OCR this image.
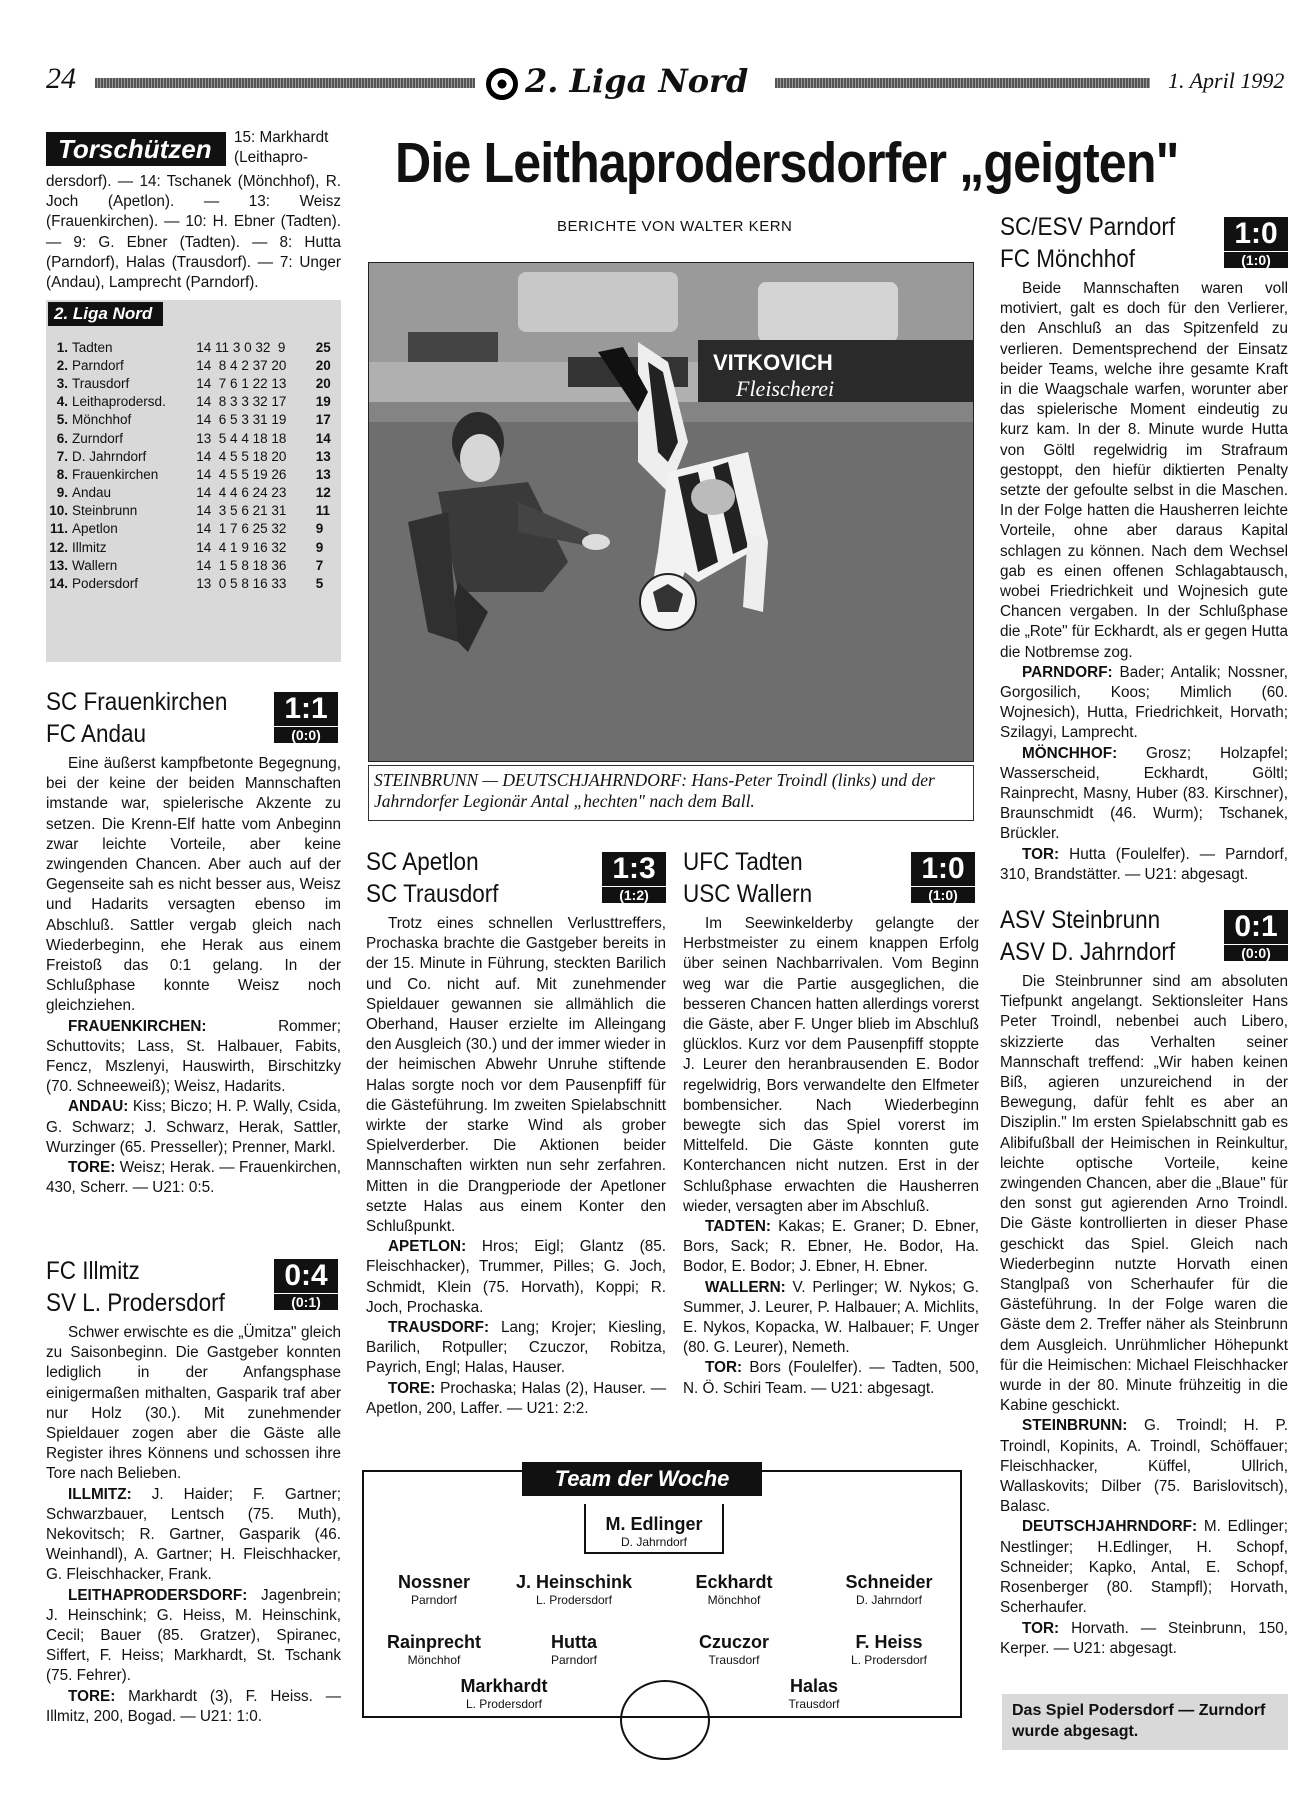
24	2. Liga Nord	1. April 1992
Die Leithaprodersdorfer „geigten"
BERICHTE VON WALTER KERN
Torschützen	15: Markhardt (Leithapro-
dersdorf). — 14: Tschanek (Mönchhof), R. Joch (Apetlon). — 13: Weisz (Frauenkirchen). — 10: H. Ebner (Tadten). — 9: G. Ebner (Tadten). — 8: Hutta (Parndorf), Halas (Trausdorf). — 7: Unger (Andau), Lamprecht (Parndorf).
2. Liga Nord
1.	Tadten	14 11 3 0 32  9	25
2.	Parndorf	14  8 4 2 37 20	20
3.	Trausdorf	14  7 6 1 22 13	20
4.	Leithaprodersd.	14  8 3 3 32 17	19
5.	Mönchhof	14  6 5 3 31 19	17
6.	Zurndorf	13  5 4 4 18 18	14
7.	D. Jahrndorf	14  4 5 5 18 20	13
8.	Frauenkirchen	14  4 5 5 19 26	13
9.	Andau	14  4 4 6 24 23	12
10.	Steinbrunn	14  3 5 6 21 31	11
11.	Apetlon	14  1 7 6 25 32	9
12.	Illmitz	14  4 1 9 16 32	9
13.	Wallern	14  1 5 8 18 36	7
14.	Podersdorf	13  0 5 8 16 33	5
SC Frauenkirchen
FC Andau
1:1
(0:0)

Eine äußerst kampfbetonte Begegnung, bei der keine der beiden Mannschaften imstande war, spielerische Akzente zu setzen. Die Krenn-Elf hatte vom Anbeginn zwar leichte Vorteile, aber keine zwingenden Chancen. Aber auch auf der Gegenseite sah es nicht besser aus, Weisz und Hadarits versagten ebenso im Abschluß. Sattler vergab gleich nach Wiederbeginn, ehe Herak aus einem Freistoß das 0:1 gelang. In der Schlußphase konnte Weisz noch gleichziehen.

FRAUENKIRCHEN:	Rommer; Schuttovits; Lass, St. Halbauer, Fabits, Fencz, Mszlenyi, Hauswirth, Birschitzky (70. Schneeweiß); Weisz, Hadarits.

ANDAU: Kiss; Biczo; H. P. Wally, Csida, G. Schwarz; J. Schwarz, Herak, Sattler, Wurzinger (65. Presseller); Prenner, Markl.

TORE: Weisz; Herak. — Frauenkirchen, 430, Scherr. — U21: 0:5.

FC Illmitz
SV L. Prodersdorf
0:4
(0:1)

Schwer erwischte es die „Ümitza" gleich zu Saisonbeginn. Die Gastgeber konnten lediglich in der Anfangsphase einigermaßen mithalten, Gasparik traf aber nur Holz (30.). Mit zunehmender Spieldauer zogen aber die Gäste alle Register ihres Könnens und schossen ihre Tore nach Belieben.

ILLMITZ: J. Haider; F. Gartner; Schwarzbauer, Lentsch (75. Muth), Nekovitsch; R. Gartner, Gasparik (46. Weinhandl), A. Gartner; H. Fleischhacker, G. Fleischhacker, Frank.

LEITHAPRODERSDORF: Jagenbrein; J. Heinschink; G. Heiss, M. Heinschink, Cecil; Bauer (85. Gratzer), Spiranec, Siffert, F. Heiss; Markhardt, St. Tschank (75. Fehrer).

TORE: Markhardt (3), F. Heiss. — Illmitz, 200, Bogad. — U21: 1:0.

VITKOVICH
Fleischerei
STEINBRUNN — DEUTSCHJAHRNDORF: Hans-Peter Troindl (links) und der Jahrndorfer Legionär Antal „hechten" nach dem Ball.
SC Apetlon
SC Trausdorf
1:3
(1:2)

Trotz eines schnellen Verlusttreffers, Prochaska brachte die Gastgeber bereits in der 15. Minute in Führung, steckten Barilich und Co. nicht auf. Mit zunehmender Spieldauer gewannen sie allmählich die Oberhand, Hauser erzielte im Alleingang den Ausgleich (30.) und der immer wieder in der heimischen Abwehr Unruhe stiftende Halas sorgte noch vor dem Pausenpfiff für die Gästeführung. Im zweiten Spielabschnitt wirkte der starke Wind als grober Spielverderber. Die Aktionen beider Mannschaften wirkten nun sehr zerfahren. Mitten in die Drangperiode der Apetloner setzte Halas aus einem Konter den Schlußpunkt.

APETLON: Hros; Eigl; Glantz (85. Fleischhacker), Trummer, Pilles; G. Joch, Schmidt, Klein (75. Horvath), Koppi; R. Joch, Prochaska.

TRAUSDORF: Lang; Krojer; Kiesling, Barilich, Rotpuller; Czuczor, Robitza, Payrich, Engl; Halas, Hauser.

TORE: Prochaska; Halas (2), Hauser. — Apetlon, 200, Laffer. — U21: 2:2.

UFC Tadten
USC Wallern
1:0
(1:0)

Im Seewinkelderby gelangte der Herbstmeister zu einem knappen Erfolg über seinen Nachbarrivalen. Vom Beginn weg war die Partie ausgeglichen, die besseren Chancen hatten allerdings vorerst die Gäste, aber F. Unger blieb im Abschluß glücklos. Kurz vor dem Pausenpfiff stoppte J. Leurer den heranbrausenden E. Bodor regelwidrig, Bors verwandelte den Elfmeter bombensicher. Nach Wiederbeginn bewegte sich das Spiel vorerst im Mittelfeld. Die Gäste konnten gute Konterchancen nicht nutzen. Erst in der Schlußphase erwachten die Hausherren wieder, versagten aber im Abschluß.

TADTEN: Kakas; E. Graner; D. Ebner, Bors, Sack; R. Ebner, He. Bodor, Ha. Bodor, E. Bodor; J. Ebner, H. Ebner.

WALLERN: V. Perlinger; W. Nykos; G. Summer, J. Leurer, P. Halbauer; A. Michlits, E. Nykos, Kopacka, W. Halbauer; F. Unger (80. G. Leurer), Nemeth.

TOR: Bors (Foulelfer). — Tadten, 500, N. Ö. Schiri Team. — U21: abgesagt.

Team der Woche
M. Edlinger
D. Jahrndorf
Nossner
Parndorf
J. Heinschink
L. Prodersdorf
Eckhardt
Mönchhof
Schneider
D. Jahrndorf
Rainprecht
Mönchhof
Hutta
Parndorf
Czuczor
Trausdorf
F. Heiss
L. Prodersdorf
Markhardt
L. Prodersdorf
Halas
Trausdorf
SC/ESV Parndorf
FC Mönchhof
1:0
(1:0)

Beide Mannschaften waren voll motiviert, galt es doch für den Verlierer, den Anschluß an das Spitzenfeld zu verlieren. Dementsprechend der Einsatz beider Teams, welche ihre gesamte Kraft in die Waagschale warfen, worunter aber das spielerische Moment eindeutig zu kurz kam. In der 8. Minute wurde Hutta von Göltl regelwidrig im Strafraum gestoppt, den hiefür diktierten Penalty setzte der gefoulte selbst in die Maschen. In der Folge hatten die Hausherren leichte Vorteile, ohne aber daraus Kapital schlagen zu können. Nach dem Wechsel gab es einen offenen Schlagabtausch, wobei Friedrichkeit und Wojnesich gute Chancen vergaben. In der Schlußphase die „Rote" für Eckhardt, als er gegen Hutta die Notbremse zog.

PARNDORF: Bader; Antalik; Nossner, Gorgosilich, Koos; Mimlich (60. Wojnesich), Hutta, Friedrichkeit, Horvath; Szilagyi, Lamprecht.

MÖNCHHOF: Grosz; Holzapfel; Wasserscheid, Eckhardt, Göltl; Rainprecht, Masny, Huber (83. Kirschner), Braunschmidt (46. Wurm); Tschanek, Brückler.

TOR: Hutta (Foulelfer). — Parndorf, 310, Brandstätter. — U21: abgesagt.

ASV Steinbrunn
ASV D. Jahrndorf
0:1
(0:0)

Die Steinbrunner sind am absoluten Tiefpunkt angelangt. Sektionsleiter Hans Peter Troindl, nebenbei auch Libero, skizzierte das Verhalten seiner Mannschaft treffend: „Wir haben keinen Biß, agieren unzureichend in der Bewegung, dafür fehlt es aber an Disziplin." Im ersten Spielabschnitt gab es Alibifußball der Heimischen in Reinkultur, leichte optische Vorteile, keine zwingenden Chancen, aber die „Blaue" für den sonst gut agierenden Arno Troindl. Die Gäste kontrollierten in dieser Phase geschickt das Spiel. Gleich nach Wiederbeginn nutzte Horvath einen Stanglpaß von Scherhaufer für die Gästeführung. In der Folge waren die Gäste dem 2. Treffer näher als Steinbrunn dem Ausgleich. Unrühmlicher Höhepunkt für die Heimischen: Michael Fleischhacker wurde in der 80. Minute frühzeitig in die Kabine geschickt.

STEINBRUNN: G. Troindl; H. P. Troindl, Kopinits, A. Troindl, Schöffauer; Fleischhacker, Küffel, Ullrich, Wallaskovits; Dilber (75. Barislovitsch), Balasc.

DEUTSCHJAHRNDORF: M. Edlinger; Nestlinger; H.Edlinger, H. Schopf, Schneider; Kapko, Antal, E. Schopf, Rosenberger (80. Stampfl); Horvath, Scherhaufer.

TOR: Horvath. — Steinbrunn, 150, Kerper. — U21: abgesagt.

Das Spiel Podersdorf — Zurndorf wurde abgesagt.
